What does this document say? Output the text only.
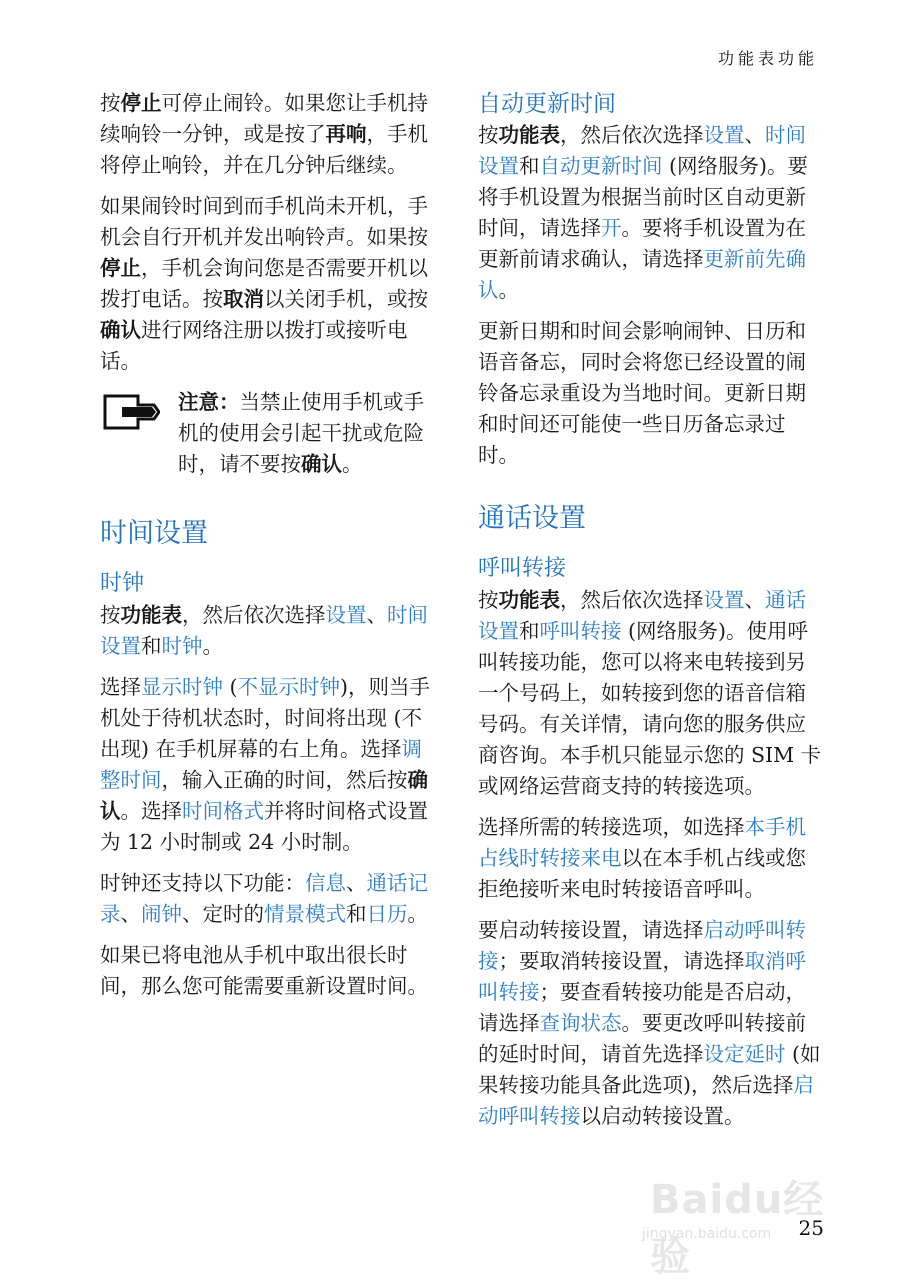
功能表功能

按停止可停止闹铃。如果您让手机持续响铃一分钟，或是按了再响，手机将停止响铃，并在几分钟后继续。

如果闹铃时间到而手机尚未开机，手机会自行开机并发出响铃声。如果按停止，手机会询问您是否需要开机以拨打电话。按取消以关闭手机，或按确认进行网络注册以拨打或接听电话。

注意：当禁止使用手机或手机的使用会引起干扰或危险时，请不要按确认。

时间设置
时钟

按功能表，然后依次选择设置、时间设置和时钟。

选择显示时钟 (不显示时钟)，则当手机处于待机状态时，时间将出现 (不出现) 在手机屏幕的右上角。选择调整时间，输入正确的时间，然后按确认。选择时间格式并将时间格式设置为 12 小时制或 24 小时制。

时钟还支持以下功能：信息、通话记录、闹钟、定时的情景模式和日历。

如果已将电池从手机中取出很长时间，那么您可能需要重新设置时间。

自动更新时间

按功能表，然后依次选择设置、时间设置和自动更新时间 (网络服务)。要将手机设置为根据当前时区自动更新时间，请选择开。要将手机设置为在更新前请求确认，请选择更新前先确认。

更新日期和时间会影响闹钟、日历和语音备忘，同时会将您已经设置的闹铃备忘录重设为当地时间。更新日期和时间还可能使一些日历备忘录过时。

通话设置
呼叫转接

按功能表，然后依次选择设置、通话设置和呼叫转接 (网络服务)。使用呼叫转接功能，您可以将来电转接到另一个号码上，如转接到您的语音信箱号码。有关详情，请向您的服务供应商咨询。本手机只能显示您的 SIM 卡或网络运营商支持的转接选项。

选择所需的转接选项，如选择本手机占线时转接来电以在本手机占线或您拒绝接听来电时转接语音呼叫。

要启动转接设置，请选择启动呼叫转接；要取消转接设置，请选择取消呼叫转接；要查看转接功能是否启动，请选择查询状态。要更改呼叫转接前的延时时间，请首先选择设定延时 (如果转接功能具备此选项)，然后选择启动呼叫转接以启动转接设置。

Baidu经验
jingyan.baidu.com 25
